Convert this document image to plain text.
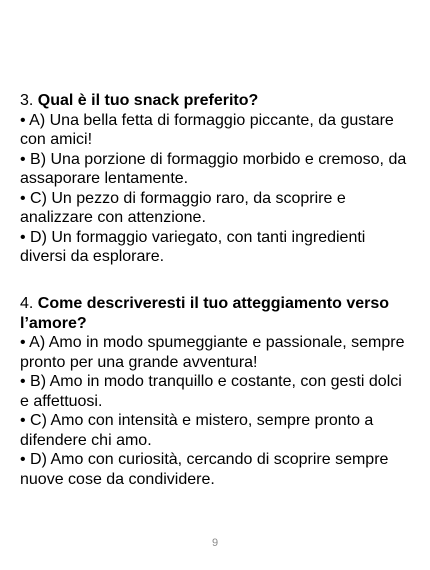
3. Qual è il tuo snack preferito?
• A) Una bella fetta di formaggio piccante, da gustare con amici!
• B) Una porzione di formaggio morbido e cremoso, da assaporare lentamente.
• C) Un pezzo di formaggio raro, da scoprire e analizzare con attenzione.
• D) Un formaggio variegato, con tanti ingredienti diversi da esplorare.
4. Come descriveresti il tuo atteggiamento verso l’amore?
• A) Amo in modo spumeggiante e passionale, sempre pronto per una grande avventura!
• B) Amo in modo tranquillo e costante, con gesti dolci e affettuosi.
• C) Amo con intensità e mistero, sempre pronto a difendere chi amo.
• D) Amo con curiosità, cercando di scoprire sempre nuove cose da condividere.
9
